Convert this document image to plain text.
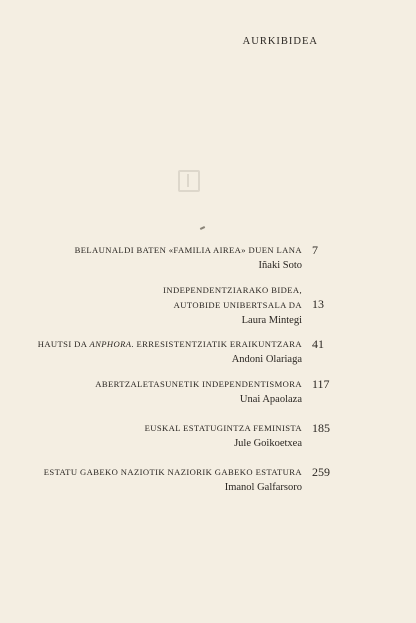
AURKIBIDEA
BELAUNALDI BATEN «FAMILIA AIREA» DUEN LANA
Iñaki Soto
7
INDEPENDENTZIARAKO BIDEA,
AUTOBIDE UNIBERTSALA DA
Laura Mintegi
13
HAUTSI DA ANPHORA. ERRESISTENTZIATIK ERAIKUNTZARA
Andoni Olariaga
41
ABERTZALETASUNETIK INDEPENDENTISMORA
Unai Apaolaza
117
EUSKAL ESTATUGINTZA FEMINISTA
Jule Goikoetxea
185
ESTATU GABEKO NAZIOTIK NAZIORIK GABEKO ESTATURA
Imanol Galfarsoro
259
